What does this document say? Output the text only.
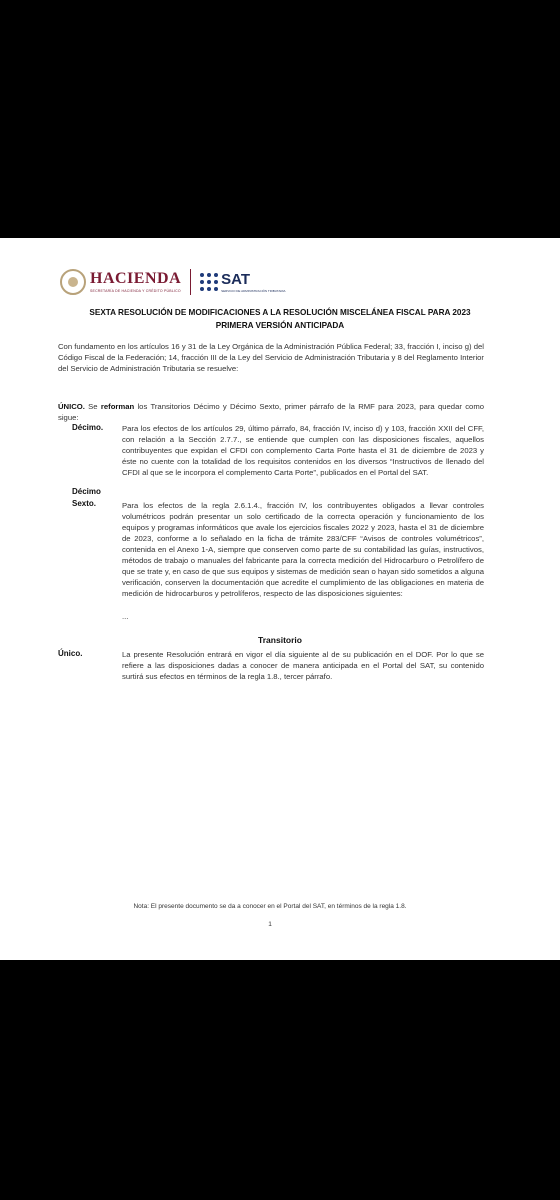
HACIENDA
SECRETARÍA DE HACIENDA Y CRÉDITO PÚBLICO
SAT
SERVICIO DE ADMINISTRACIÓN TRIBUTARIA
SEXTA RESOLUCIÓN DE MODIFICACIONES A LA RESOLUCIÓN MISCELÁNEA FISCAL PARA 2023
PRIMERA VERSIÓN ANTICIPADA
Con fundamento en los artículos 16 y 31 de la Ley Orgánica de la Administración Pública Federal; 33, fracción I, inciso g) del Código Fiscal de la Federación; 14, fracción III de la Ley del Servicio de Administración Tributaria y 8 del Reglamento Interior del Servicio de Administración Tributaria se resuelve:
ÚNICO. Se reforman los Transitorios Décimo y Décimo Sexto, primer párrafo de la RMF para 2023, para quedar como sigue:
Décimo. Para los efectos de los artículos 29, último párrafo, 84, fracción IV, inciso d) y 103, fracción XXII del CFF, con relación a la Sección 2.7.7., se entiende que cumplen con las disposiciones fiscales, aquellos contribuyentes que expidan el CFDI con complemento Carta Porte hasta el 31 de diciembre de 2023 y éste no cuente con la totalidad de los requisitos contenidos en los diversos “Instructivos de llenado del CFDI al que se le incorpora el complemento Carta Porte”, publicados en el Portal del SAT.
Décimo
Sexto.	Para los efectos de la regla 2.6.1.4., fracción IV, los contribuyentes obligados a llevar controles volumétricos podrán presentar un solo certificado de la correcta operación y funcionamiento de los equipos y programas informáticos que avale los ejercicios fiscales 2022 y 2023, hasta el 31 de diciembre de 2023, conforme a lo señalado en la ficha de trámite 283/CFF “Avisos de controles volumétricos”, contenida en el Anexo 1-A, siempre que conserven como parte de su contabilidad las guías, instructivos, métodos de trabajo o manuales del fabricante para la correcta medición del Hidrocarburo o Petrolífero de que se trate y, en caso de que sus equipos y sistemas de medición sean o hayan sido sometidos a alguna verificación, conserven la documentación que acredite el cumplimiento de las obligaciones en materia de medición de hidrocarburos y petrolíferos, respecto de las disposiciones siguientes:
...
Transitorio
Único.	La presente Resolución entrará en vigor el día siguiente al de su publicación en el DOF. Por lo que se refiere a las disposiciones dadas a conocer de manera anticipada en el Portal del SAT, su contenido surtirá sus efectos en términos de la regla 1.8., tercer párrafo.
Nota: El presente documento se da a conocer en el Portal del SAT, en términos de la regla 1.8.
1
